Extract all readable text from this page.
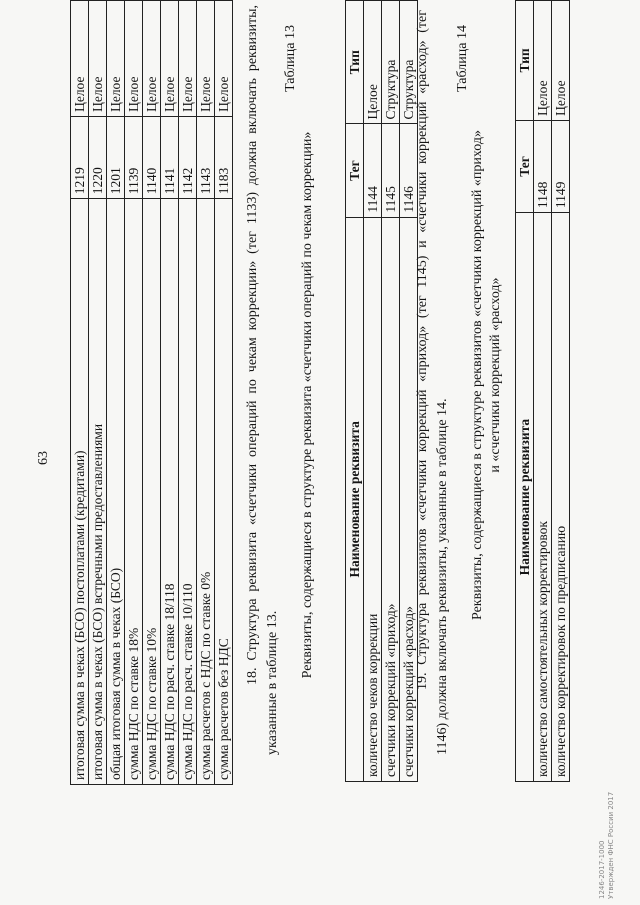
63 итоговая сумма в чеках (БСО) постоплатами (кредитами)	1219	Целое
итоговая сумма в чеках (БСО) встречными предоставлениями	1220	Целое
общая итоговая сумма в чеках (БСО)	1201	Целое
сумма НДС по ставке 18%	1139	Целое
сумма НДС по ставке 10%	1140	Целое
сумма НДС по расч. ставке 18/118	1141	Целое
сумма НДС по расч. ставке 10/110	1142	Целое
сумма расчетов с НДС по ставке 0%	1143	Целое
сумма расчетов без НДС	1183	Целое 18. Структура реквизита «счетчики операций по чекам коррекции» (тег 1133) должна включать реквизиты, указанные в таблице 13.
Таблица 13
Реквизиты, содержащиеся в структуре реквизита «счетчики операций по чекам коррекции» Наименование реквизита	Тег	Тип
количество чеков коррекции	1144	Целое
счетчики коррекций «приход»	1145	Структура
счетчики коррекций «расход»	1146	Структура 19. Структура реквизитов «счетчики коррекций «приход» (тег 1145) и «счетчики коррекций «расход» (тег 1146) должна включать реквизиты, указанные в таблице 14.
Таблица 14
Реквизиты, содержащиеся в структуре реквизитов «счетчики коррекций «приход» и «счетчики коррекций «расход»
Наименование реквизита	Тег	Тип
количество самостоятельных корректировок	1148	Целое
количество корректировок по предписанию	1149	Целое
1246-2017-1000 Утвержден ФНС России 2017
